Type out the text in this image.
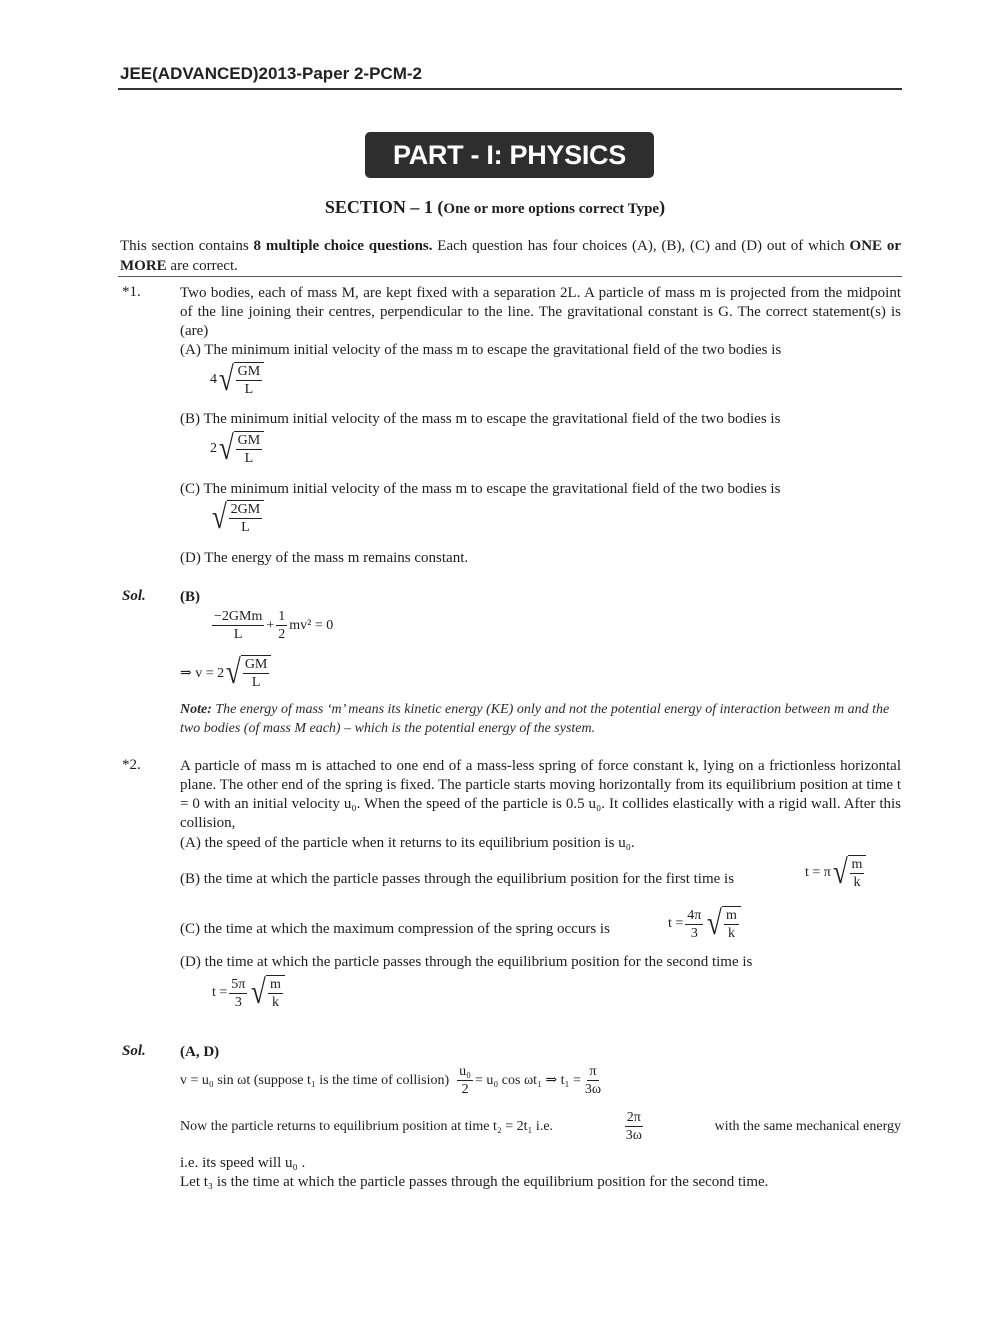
JEE(ADVANCED)2013-Paper 2-PCM-2
PART - I: PHYSICS
SECTION – 1 (One or more options correct Type)
This section contains 8 multiple choice questions. Each question has four choices (A), (B), (C) and (D) out of which ONE or MORE are correct.
*1.	Two bodies, each of mass M, are kept fixed with a separation 2L. A particle of mass m is projected from the midpoint of the line joining their centres, perpendicular to the line. The gravitational constant is G. The correct statement(s) is (are)
(A) The minimum initial velocity of the mass m to escape the gravitational field of the two bodies is
4 √ $\frac{GM}{L}$
(B) The minimum initial velocity of the mass m to escape the gravitational field of the two bodies is
2 √ $\frac{GM}{L}$
(C) The minimum initial velocity of the mass m to escape the gravitational field of the two bodies is
√ $\frac{2GM}{L}$
(D) The energy of the mass m remains constant.
Sol. (B)
$\frac{\text{−2GMm}}{L} + \frac{1}{2} mv^2 = 0$
⇒ v = 2 √ $\frac{GM}{L}$
Note: The energy of mass ‘m’ means its kinetic energy (KE) only and not the potential energy of interaction between m and the two bodies (of mass M each) – which is the potential energy of the system.
*2.	A particle of mass m is attached to one end of a mass-less spring of force constant k, lying on a frictionless horizontal plane. The other end of the spring is fixed. The particle starts moving horizontally from its equilibrium position at time t = 0 with an initial velocity u₀. When the speed of the particle is 0.5 u₀. It collides elastically with a rigid wall. After this collision,
(A) the speed of the particle when it returns to its equilibrium position is u₀.
(B) the time at which the particle passes through the equilibrium position for the first time is	t = π √ $\frac{m}{k}$
(C) the time at which the maximum compression of the spring occurs is	$t = \frac{4\pi}{3}$ √ $\frac{m}{k}$
(D) the time at which the particle passes through the equilibrium position for the second time is
$t = \frac{5\pi}{3}$ √ $\frac{m}{k}$
Sol. (A, D)
v = u₀ sin ωt (suppose t₁ is the time of collision) $\frac{\text{u₀}}{2} = u_0$ cos ωt₁ ⇒ $t_1 = \frac{\pi}{3\omega}$
Now the particle returns to equilibrium position at time t₂ = 2t₁ i.e.	$\frac{2\pi}{3\omega}$	with the same mechanical energy
i.e. its speed will u₀ .
Let t₃ is the time at which the particle passes through the equilibrium position for the second time.
